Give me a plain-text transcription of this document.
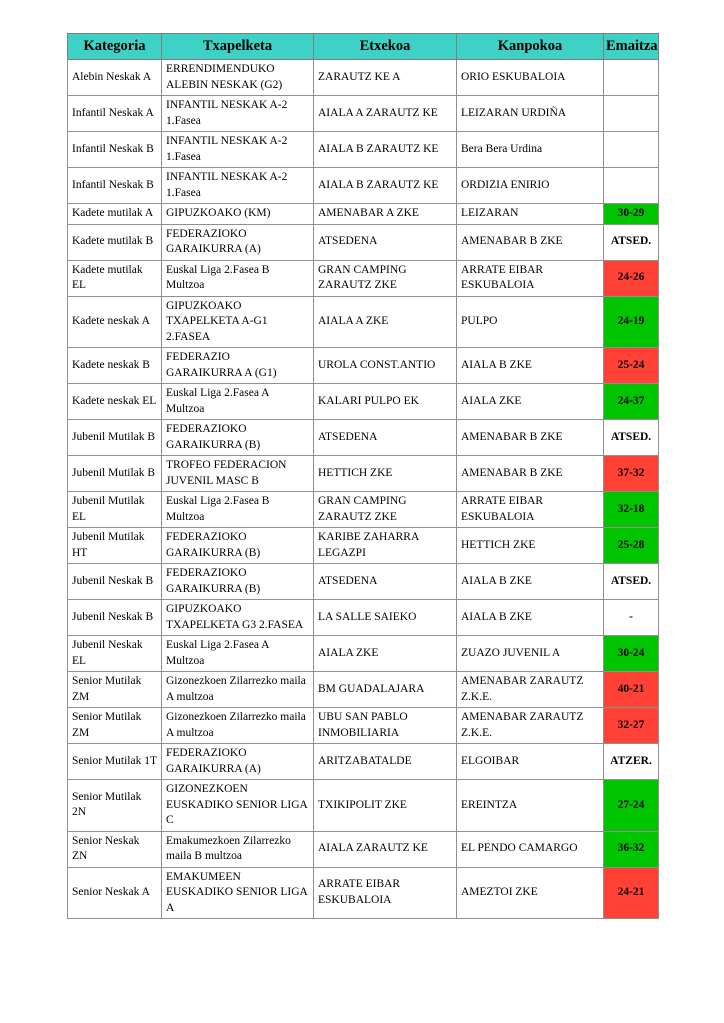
Kategoria	Txapelketa	Etxekoa	Kanpokoa	Emaitza
Alebin Neskak A	ERRENDIMENDUKO ALEBIN NESKAK (G2)	ZARAUTZ KE A	ORIO ESKUBALOIA	
Infantil Neskak A	INFANTIL NESKAK A-2 1.Fasea	AIALA A ZARAUTZ KE	LEIZARAN URDIÑA	
Infantil Neskak B	INFANTIL NESKAK A-2 1.Fasea	AIALA B ZARAUTZ KE	Bera Bera Urdina	
Infantil Neskak B	INFANTIL NESKAK A-2 1.Fasea	AIALA B ZARAUTZ KE	ORDIZIA ENIRIO	
Kadete mutilak A	GIPUZKOAKO (KM)	AMENABAR A ZKE	LEIZARAN	30-29
Kadete mutilak B	FEDERAZIOKO GARAIKURRA (A)	ATSEDENA	AMENABAR B ZKE	ATSED.
Kadete mutilak EL	Euskal Liga 2.Fasea B Multzoa	GRAN CAMPING ZARAUTZ ZKE	ARRATE EIBAR ESKUBALOIA	24-26
Kadete neskak A	GIPUZKOAKO TXAPELKETA A-G1 2.FASEA	AIALA A ZKE	PULPO	24-19
Kadete neskak B	FEDERAZIO GARAIKURRA A (G1)	UROLA CONST.ANTIO	AIALA B ZKE	25-24
Kadete neskak EL	Euskal Liga 2.Fasea A Multzoa	KALARI PULPO EK	AIALA ZKE	24-37
Jubenil Mutilak B	FEDERAZIOKO GARAIKURRA (B)	ATSEDENA	AMENABAR B ZKE	ATSED.
Jubenil Mutilak B	TROFEO FEDERACION JUVENIL MASC B	HETTICH ZKE	AMENABAR B ZKE	37-32
Jubenil Mutilak EL	Euskal Liga 2.Fasea B Multzoa	GRAN CAMPING ZARAUTZ ZKE	ARRATE EIBAR ESKUBALOIA	32-18
Jubenil Mutilak HT	FEDERAZIOKO GARAIKURRA (B)	KARIBE ZAHARRA LEGAZPI	HETTICH ZKE	25-28
Jubenil Neskak B	FEDERAZIOKO GARAIKURRA (B)	ATSEDENA	AIALA B ZKE	ATSED.
Jubenil Neskak B	GIPUZKOAKO TXAPELKETA G3 2.FASEA	LA SALLE SAIEKO	AIALA B ZKE	-
Jubenil Neskak EL	Euskal Liga 2.Fasea A Multzoa	AIALA ZKE	ZUAZO JUVENIL A	30-24
Senior Mutilak ZM	Gizonezkoen Zilarrezko maila A multzoa	BM GUADALAJARA	AMENABAR ZARAUTZ Z.K.E.	40-21
Senior Mutilak ZM	Gizonezkoen Zilarrezko maila A multzoa	UBU SAN PABLO INMOBILIARIA	AMENABAR ZARAUTZ Z.K.E.	32-27
Senior Mutilak 1T	FEDERAZIOKO GARAIKURRA (A)	ARITZABATALDE	ELGOIBAR	ATZER.
Senior Mutilak 2N	GIZONEZKOEN EUSKADIKO SENIOR LIGA C	TXIKIPOLIT ZKE	EREINTZA	27-24
Senior Neskak ZN	Emakumezkoen Zilarrezko maila B multzoa	AIALA ZARAUTZ KE	EL PENDO CAMARGO	36-32
Senior Neskak A	EMAKUMEEN EUSKADIKO SENIOR LIGA A	ARRATE EIBAR ESKUBALOIA	AMEZTOI ZKE	24-21
